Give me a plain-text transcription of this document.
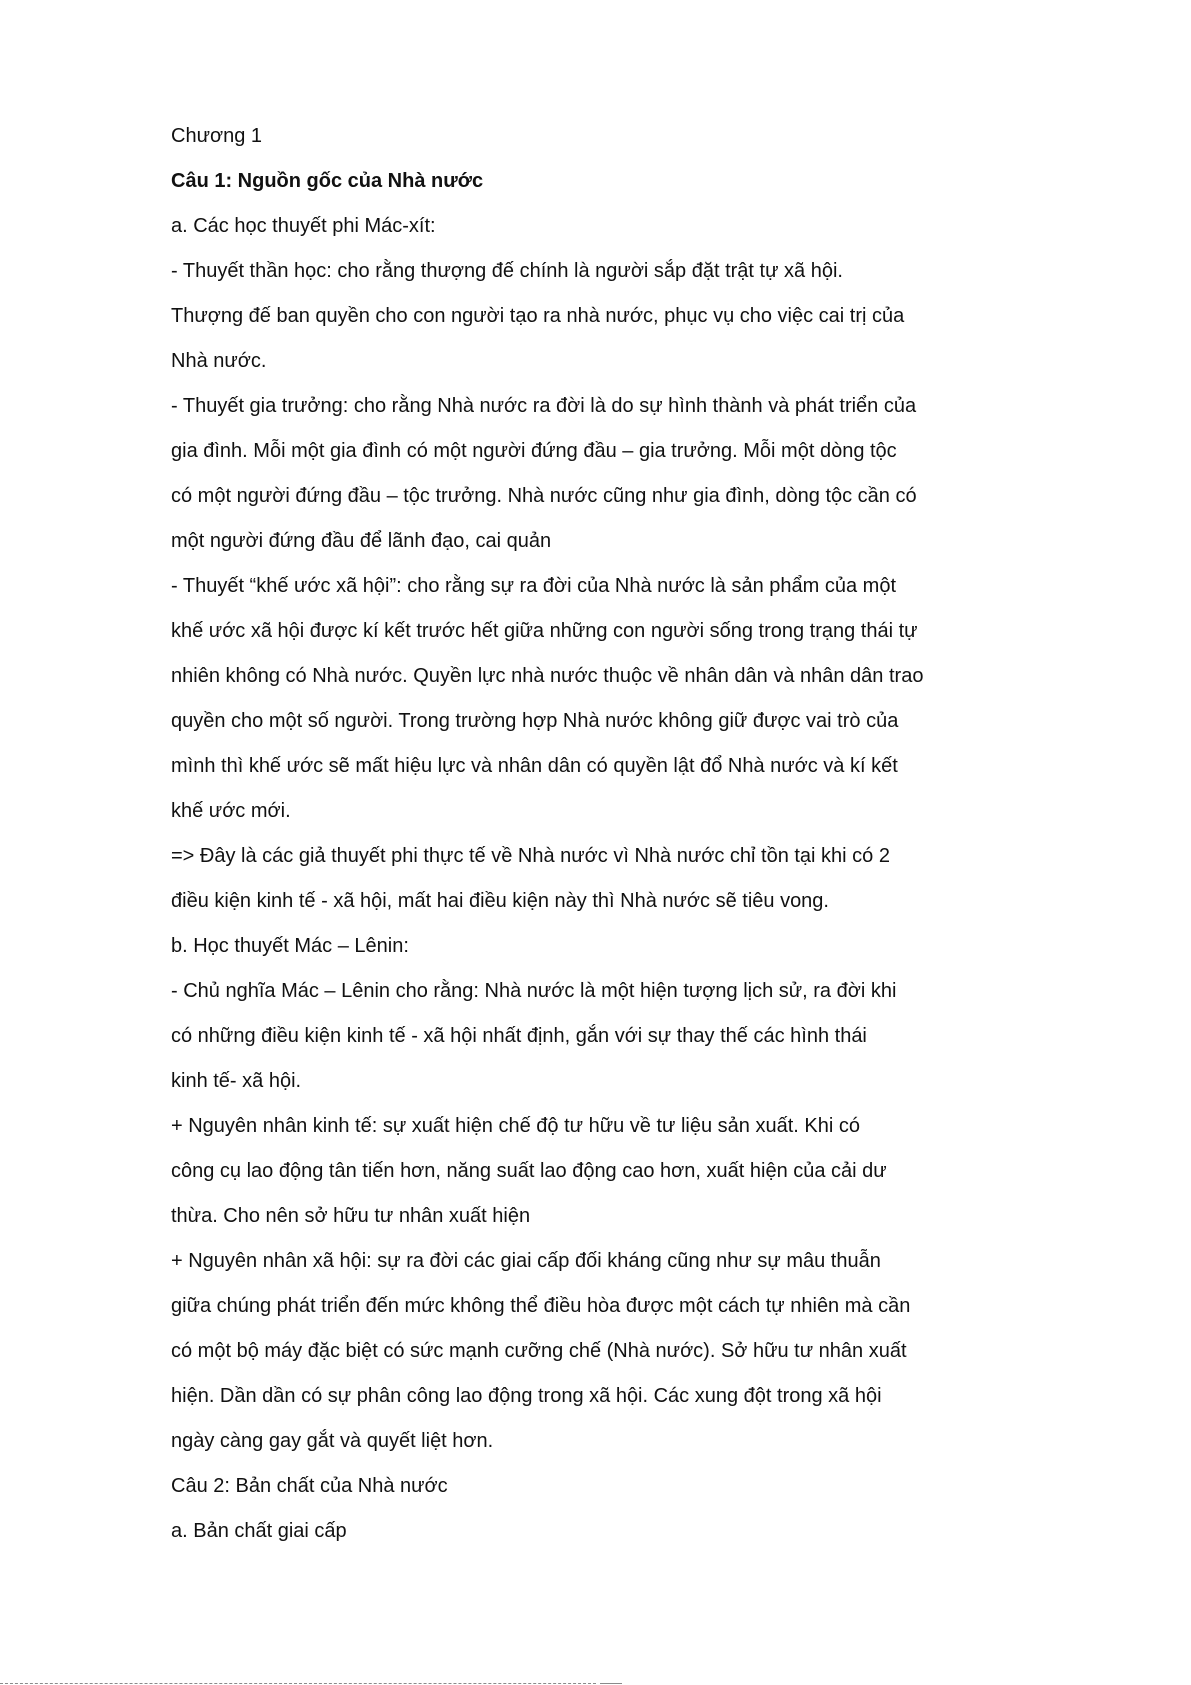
Chương 1
Câu 1: Nguồn gốc của Nhà nước
a. Các học thuyết phi Mác-xít:
- Thuyết thần học: cho rằng thượng đế chính là người sắp đặt trật tự xã hội.
Thượng đế ban quyền cho con người tạo ra nhà nước, phục vụ cho việc cai trị của
Nhà nước.
- Thuyết gia trưởng: cho rằng Nhà nước ra đời là do sự hình thành và phát triển của
gia đình. Mỗi một gia đình có một người đứng đầu – gia trưởng. Mỗi một dòng tộc
có một người đứng đầu – tộc trưởng. Nhà nước cũng như gia đình, dòng tộc cần có
một người đứng đầu để lãnh đạo, cai quản
- Thuyết “khế ước xã hội”: cho rằng sự ra đời của Nhà nước là sản phẩm của một
khế ước xã hội được kí kết trước hết giữa những con người sống trong trạng thái tự
nhiên không có Nhà nước. Quyền lực nhà nước thuộc về nhân dân và nhân dân trao
quyền cho một số người. Trong trường hợp Nhà nước không giữ được vai trò của
mình thì khế ước sẽ mất hiệu lực và nhân dân có quyền lật đổ Nhà nước và kí kết
khế ước mới.
=> Đây là các giả thuyết phi thực tế về Nhà nước vì Nhà nước chỉ tồn tại khi có 2
điều kiện kinh tế - xã hội, mất hai điều kiện này thì Nhà nước sẽ tiêu vong.
b. Học thuyết Mác – Lênin:
- Chủ nghĩa Mác – Lênin cho rằng: Nhà nước là một hiện tượng lịch sử, ra đời khi
có những điều kiện kinh tế - xã hội nhất định, gắn với sự thay thế các hình thái
kinh tế- xã hội.
+ Nguyên nhân kinh tế: sự xuất hiện chế độ tư hữu về tư liệu sản xuất. Khi có
công cụ lao động tân tiến hơn, năng suất lao động cao hơn, xuất hiện của cải dư
thừa. Cho nên sở hữu tư nhân xuất hiện
+ Nguyên nhân xã hội: sự ra đời các giai cấp đối kháng cũng như sự mâu thuẫn
giữa chúng phát triển đến mức không thể điều hòa được một cách tự nhiên mà cần
có một bộ máy đặc biệt có sức mạnh cưỡng chế (Nhà nước). Sở hữu tư nhân xuất
hiện. Dần dần có sự phân công lao động trong xã hội. Các xung đột trong xã hội
ngày càng gay gắt và quyết liệt hơn.
Câu 2: Bản chất của Nhà nước
a. Bản chất giai cấp
